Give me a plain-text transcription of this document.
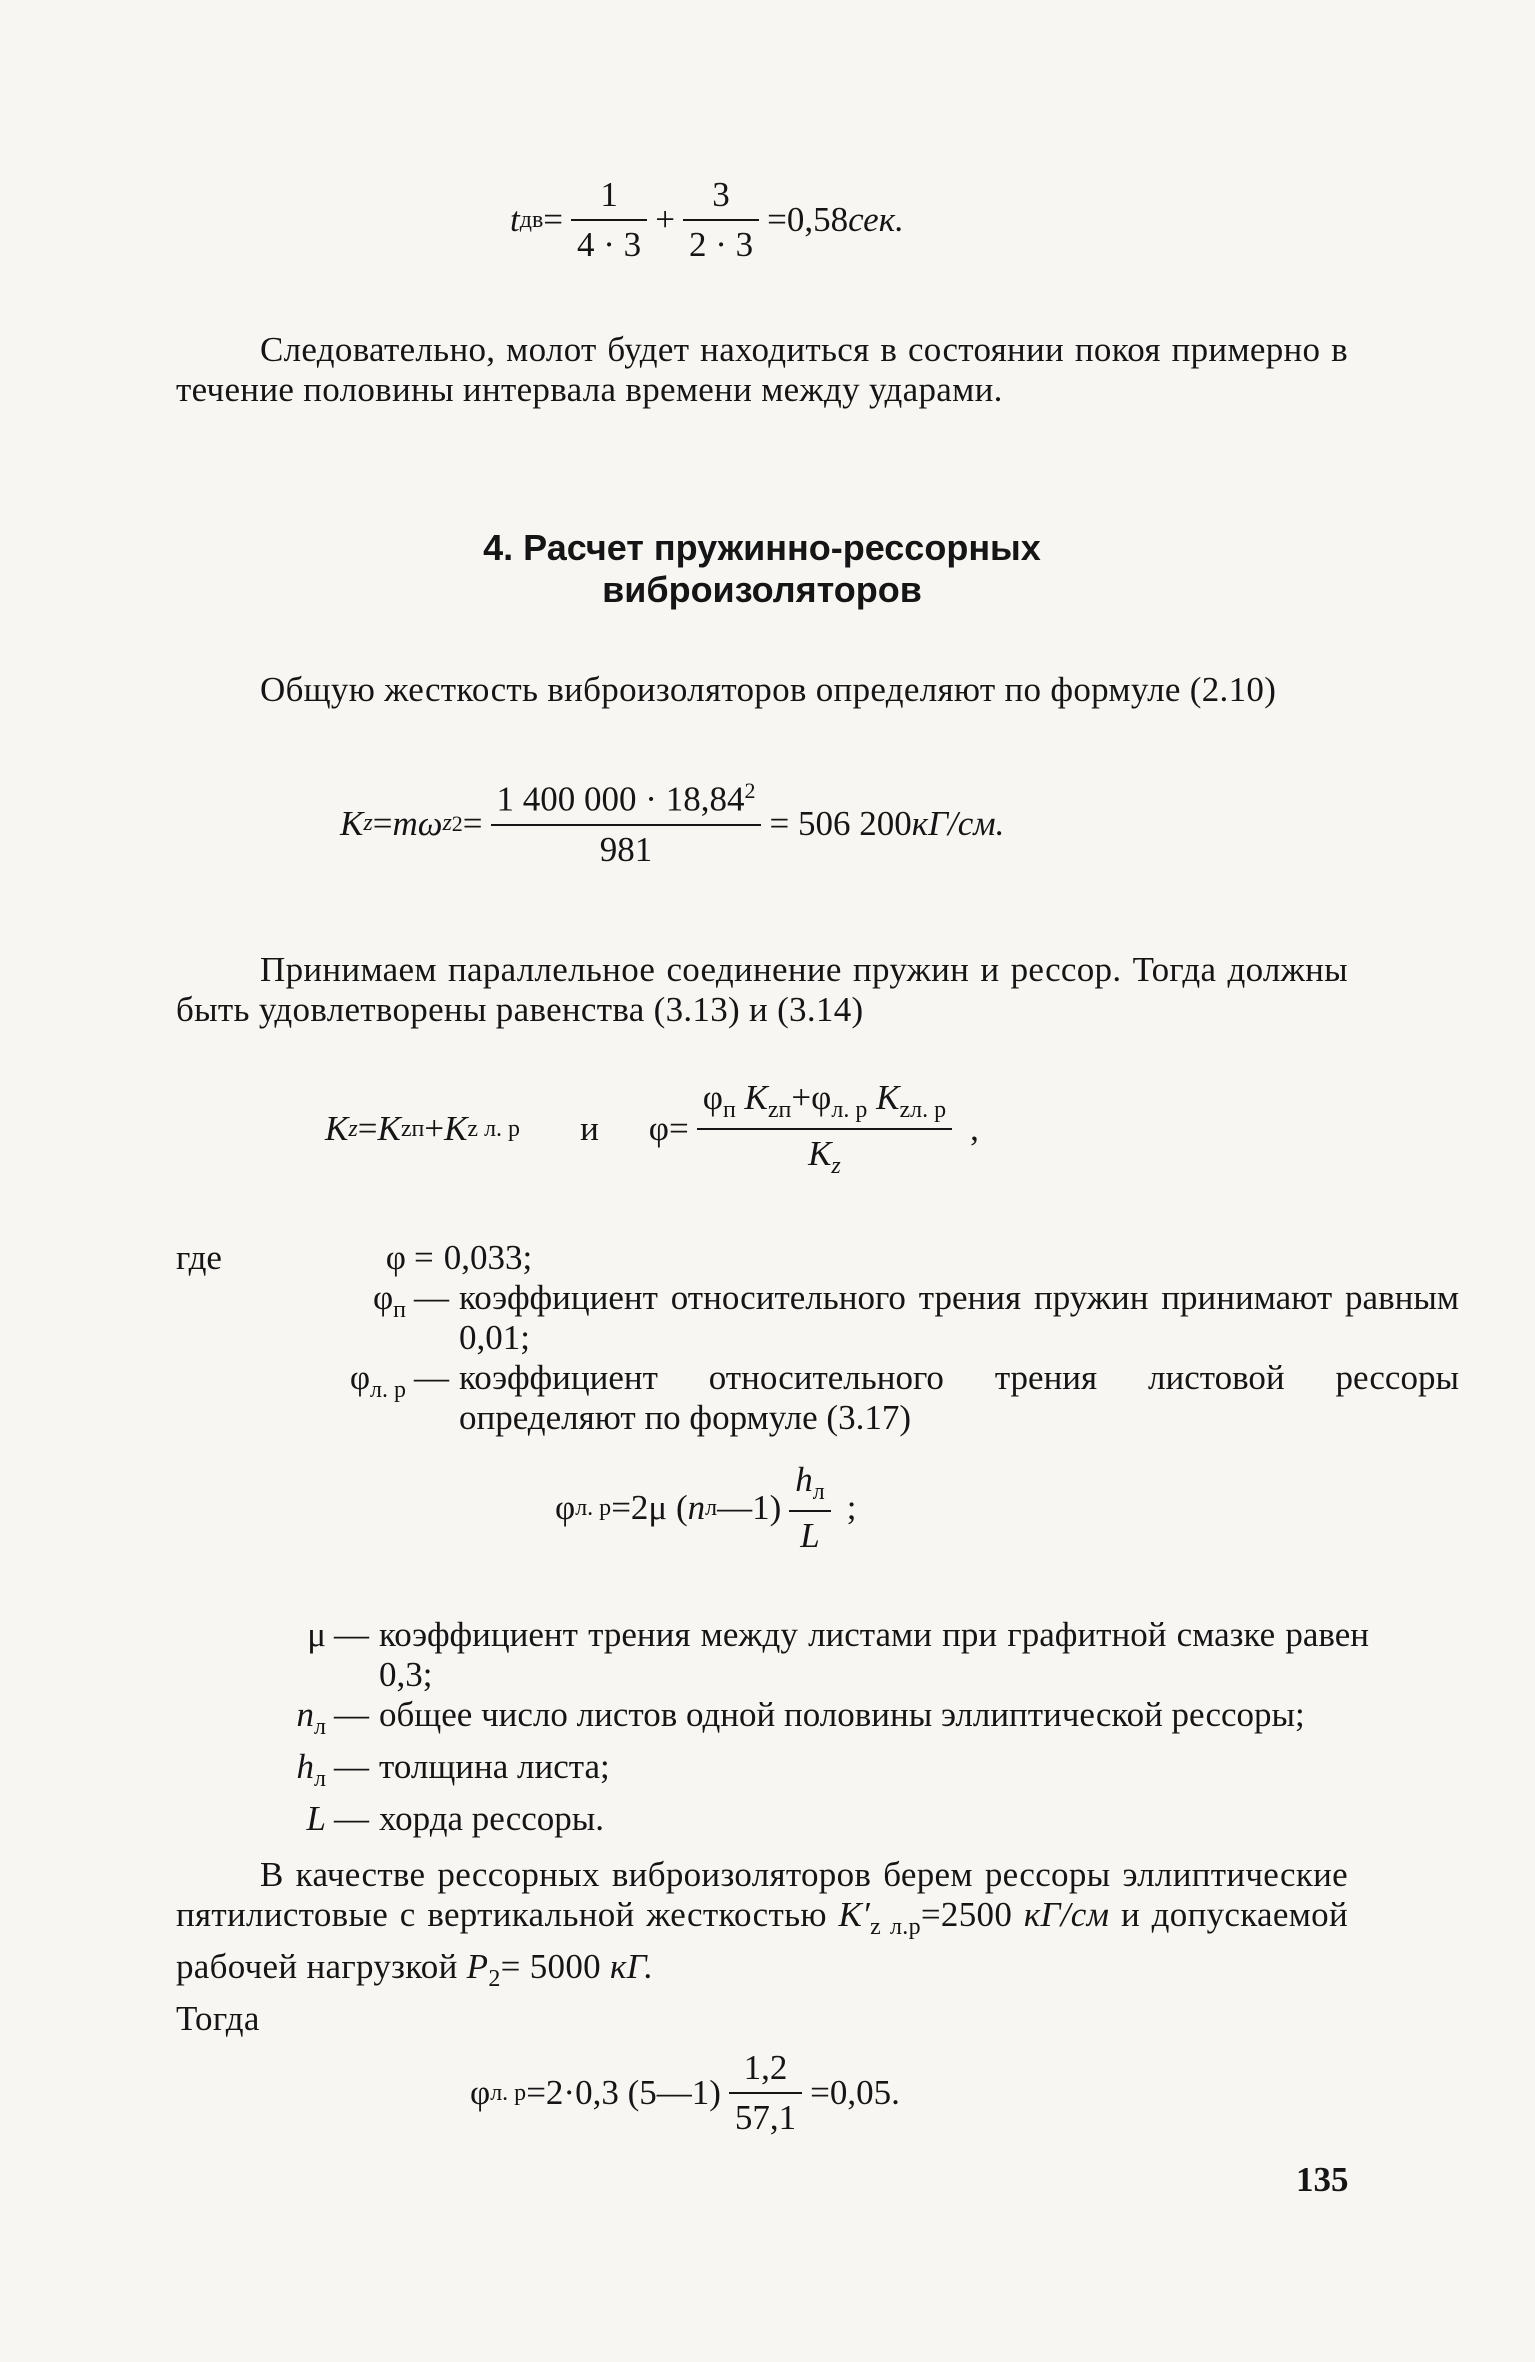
t дв = $\frac{1}{4 \cdot 3} + \frac{3}{2 \cdot 3} =0,58$ сек.
Следовательно, молот будет находиться в состоянии покоя примерно в течение половины интервала времени между ударами.
4. Расчет пружинно-рессорных
виброизоляторов
Общую жесткость виброизоляторов определяют по формуле (2.10)
K z = mω z $2 = \frac{1 400 000 \cdot 18,84^2}{981} = 506$ 200 кГ/см.
Принимаем параллельное соединение пружин и рессор. Тогда должны быть удовлетворены равенства (3.13) и (3.14)
K z = K zп + K z л. р и $\varphi = \frac{\varphi_п K_{zп}+\varphi_{л. р} K_{zл. р}}{K_z}$ ,
где	φ = 0,033;
$\varphi_п$ — коэффициент относительного трения пружин принимают равным 0,01;
$\varphi_{л. р}$ — коэффициент относительного трения листовой рессоры определяют по формуле (3.17)
φ л. р =2μ ( n л —1) $\frac{h_л}{L}$ ;
μ — коэффициент трения между листами при графитной смазке равен 0,3;
$n_л$ — общее число листов одной половины эллиптической рессоры;
$h_л$ — толщина листа;
L — хорда рессоры.
В качестве рессорных виброизоляторов берем рессоры эллиптические пятилистовые с вертикальной жесткостью $K'_{z л.р}=2500$ кГ/см и допускаемой рабочей нагрузкой $P_2= 5000$ кГ.
Тогда
φ л. р =2·0,3 (5—1) $\frac{1,2}{57,1} =0,05$.
135
